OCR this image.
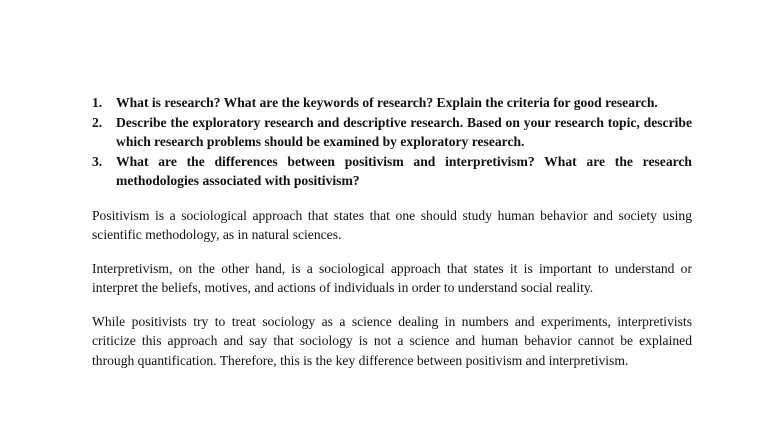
1. What is research? What are the keywords of research? Explain the criteria for good research.
2. Describe the exploratory research and descriptive research. Based on your research topic, describe which research problems should be examined by exploratory research.
3. What are the differences between positivism and interpretivism? What are the research methodologies associated with positivism?

Positivism is a sociological approach that states that one should study human behavior and society using scientific methodology, as in natural sciences.

Interpretivism, on the other hand, is a sociological approach that states it is important to understand or interpret the beliefs, motives, and actions of individuals in order to understand social reality.

While positivists try to treat sociology as a science dealing in numbers and experiments, interpretivists criticize this approach and say that sociology is not a science and human behavior cannot be explained through quantification. Therefore, this is the key difference between positivism and interpretivism.
